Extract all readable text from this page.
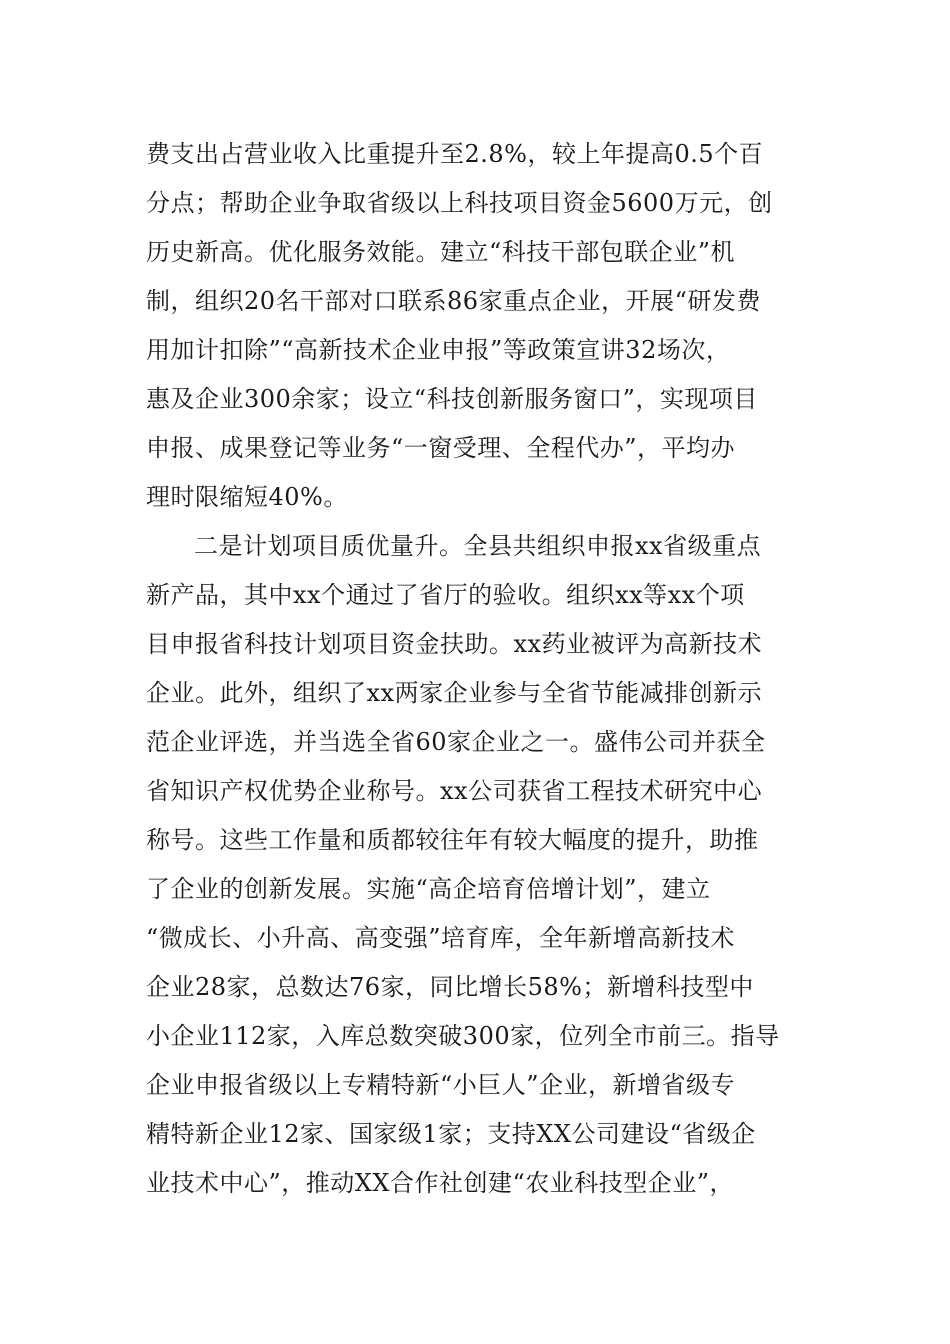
费支出占营业收入比重提升至2.8%，较上年提高0.5个百
分点；帮助企业争取省级以上科技项目资金5600万元，创
历史新高。优化服务效能。建立“科技干部包联企业”机
制，组织20名干部对口联系86家重点企业，开展“研发费
用加计扣除”“高新技术企业申报”等政策宣讲32场次，
惠及企业300余家；设立“科技创新服务窗口”，实现项目
申报、成果登记等业务“一窗受理、全程代办”，平均办
理时限缩短40%。
二是计划项目质优量升。全县共组织申报xx省级重点
新产品，其中xx个通过了省厅的验收。组织xx等xx个项
目申报省科技计划项目资金扶助。xx药业被评为高新技术
企业。此外，组织了xx两家企业参与全省节能减排创新示
范企业评选，并当选全省60家企业之一。盛伟公司并获全
省知识产权优势企业称号。xx公司获省工程技术研究中心
称号。这些工作量和质都较往年有较大幅度的提升，助推
了企业的创新发展。实施“高企培育倍增计划”，建立
“微成长、小升高、高变强”培育库，全年新增高新技术
企业28家，总数达76家，同比增长58%；新增科技型中
小企业112家，入库总数突破300家，位列全市前三。指导
企业申报省级以上专精特新“小巨人”企业，新增省级专
精特新企业12家、国家级1家；支持XX公司建设“省级企
业技术中心”，推动XX合作社创建“农业科技型企业”，
